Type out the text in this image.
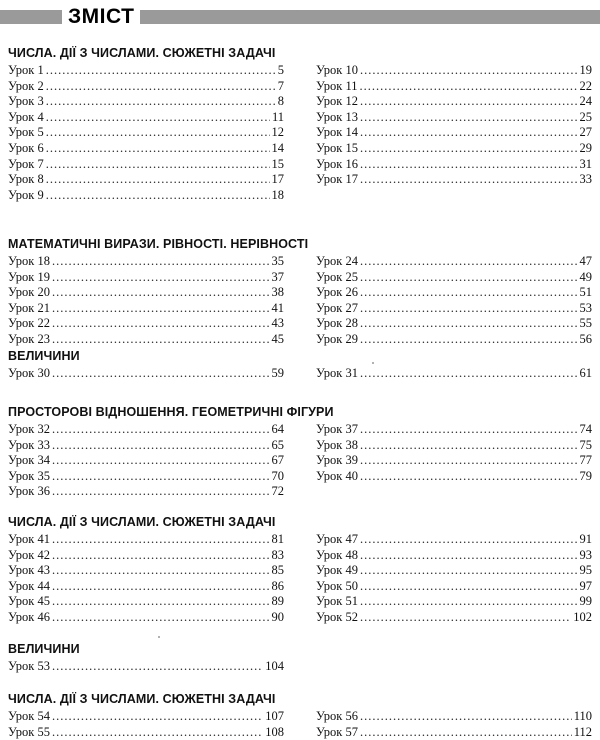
ЗМІСТ
ЧИСЛА. ДІЇ З ЧИСЛАМИ. СЮЖЕТНІ ЗАДАЧІ
Урок 1 .....	5
Урок 2 .....	7
Урок 3 .....	8
Урок 4 .....	11
Урок 5 .....	12
Урок 6 .....	14
Урок 7 .....	15
Урок 8 .....	17
Урок 9 .....	18
Урок 10 .....	19
Урок 11 .....	22
Урок 12 .....	24
Урок 13 .....	25
Урок 14 .....	27
Урок 15 .....	29
Урок 16 .....	31
Урок 17 .....	33
МАТЕМАТИЧНІ ВИРАЗИ. РІВНОСТІ. НЕРІВНОСТІ
Урок 18 .....	35
Урок 19 .....	37
Урок 20 .....	38
Урок 21 .....	41
Урок 22 .....	43
Урок 23 .....	45
Урок 24 .....	47
Урок 25 .....	49
Урок 26 .....	51
Урок 27 .....	53
Урок 28 .....	55
Урок 29 .....	56
ВЕЛИЧИНИ
Урок 30 .....	59	Урок 31 .....	61
ПРОСТОРОВІ ВІДНОШЕННЯ. ГЕОМЕТРИЧНІ ФІГУРИ
Урок 32 .....	64
Урок 33 .....	65
Урок 34 .....	67
Урок 35 .....	70
Урок 36 .....	72
Урок 37 .....	74
Урок 38 .....	75
Урок 39 .....	77
Урок 40 .....	79
ЧИСЛА. ДІЇ З ЧИСЛАМИ. СЮЖЕТНІ ЗАДАЧІ
Урок 41 .....	81
Урок 42 .....	83
Урок 43 .....	85
Урок 44 .....	86
Урок 45 .....	89
Урок 46 .....	90
Урок 47 .....	91
Урок 48 .....	93
Урок 49 .....	95
Урок 50 .....	97
Урок 51 .....	99
Урок 52 .....	102
ВЕЛИЧИНИ
Урок 53 .....	104
ЧИСЛА. ДІЇ З ЧИСЛАМИ. СЮЖЕТНІ ЗАДАЧІ
Урок 54 .....	107
Урок 55 .....	108
Урок 56 .....	110
Урок 57 .....	112
